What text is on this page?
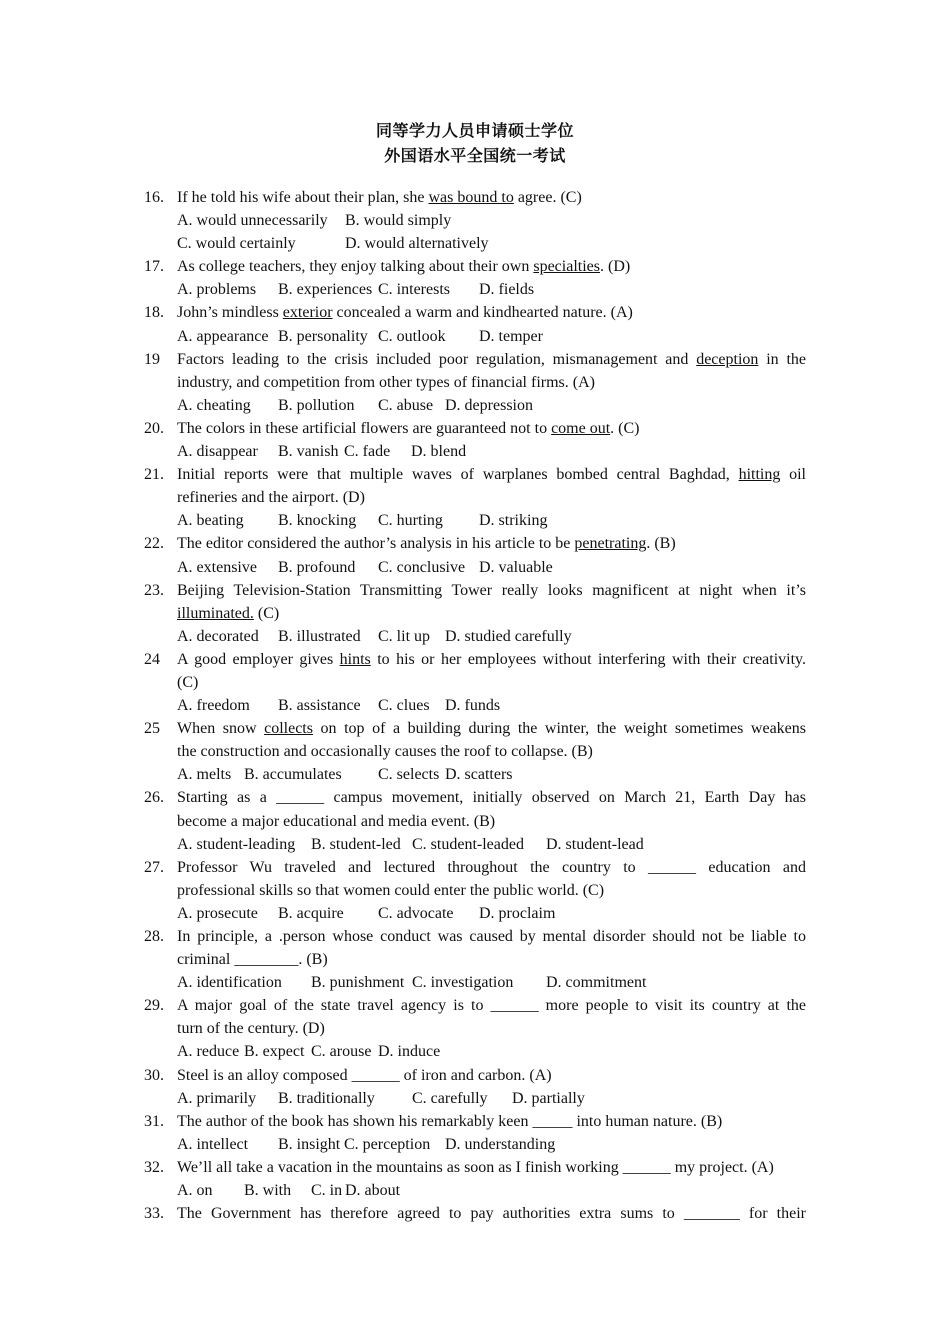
同等学力人员申请硕士学位
外国语水平全国统一考试
16. If he told his wife about their plan, she was bound to agree. (C)
A. would unnecessarily B. would simply
C. would certainly	D. would alternatively
17. As college teachers, they enjoy talking about their own specialties. (D)
A. problems B. experiences C. interests D. fields
18. John’s mindless exterior concealed a warm and kindhearted nature. (A)
A. appearance B. personality C. outlook D. temper
19 Factors leading to the crisis included poor regulation, mismanagement and deception in the
industry, and competition from other types of financial firms. (A)
A. cheating B. pollution C. abuse D. depression
20. The colors in these artificial flowers are guaranteed not to come out. (C)
A. disappear B. vanish C. fade D. blend
21. Initial reports were that multiple waves of warplanes bombed central Baghdad, hitting oil
refineries and the airport. (D)
A. beating B. knocking C. hurting D. striking
22. The editor considered the author’s analysis in his article to be penetrating. (B)
A. extensive B. profound C. conclusive D. valuable
23. Beijing Television-Station Transmitting Tower really looks magnificent at night when it’s
illuminated. (C)
A. decorated B. illustrated C. lit up D. studied carefully
24 A good employer gives hints to his or her employees without interfering with their creativity.
(C)
A. freedom B. assistance C. clues D. funds
25 When snow collects on top of a building during the winter, the weight sometimes weakens
the construction and occasionally causes the roof to collapse. (B)
A. melts B. accumulates C. selects D. scatters
26. Starting as a ______ campus movement, initially observed on March 21, Earth Day has
become a major educational and media event. (B)
A. student-leading B. student-led C. student-leaded D. student-lead
27. Professor Wu traveled and lectured throughout the country to ______ education and
professional skills so that women could enter the public world. (C)
A. prosecute B. acquire C. advocate D. proclaim
28. In principle, a .person whose conduct was caused by mental disorder should not be liable to
criminal ________. (B)
A. identification B. punishment C. investigation D. commitment
29. A major goal of the state travel agency is to ______ more people to visit its country at the
turn of the century. (D)
A. reduce B. expect C. arouse D. induce
30. Steel is an alloy composed ______ of iron and carbon. (A)
A. primarily B. traditionally C. carefully D. partially
31. The author of the book has shown his remarkably keen _____ into human nature. (B)
A. intellect B. insight C. perception D. understanding
32. We’ll all take a vacation in the mountains as soon as I finish working ______ my project. (A)
A. on B. with C. in D. about
33. The Government has therefore agreed to pay authorities extra sums to _______ for their
